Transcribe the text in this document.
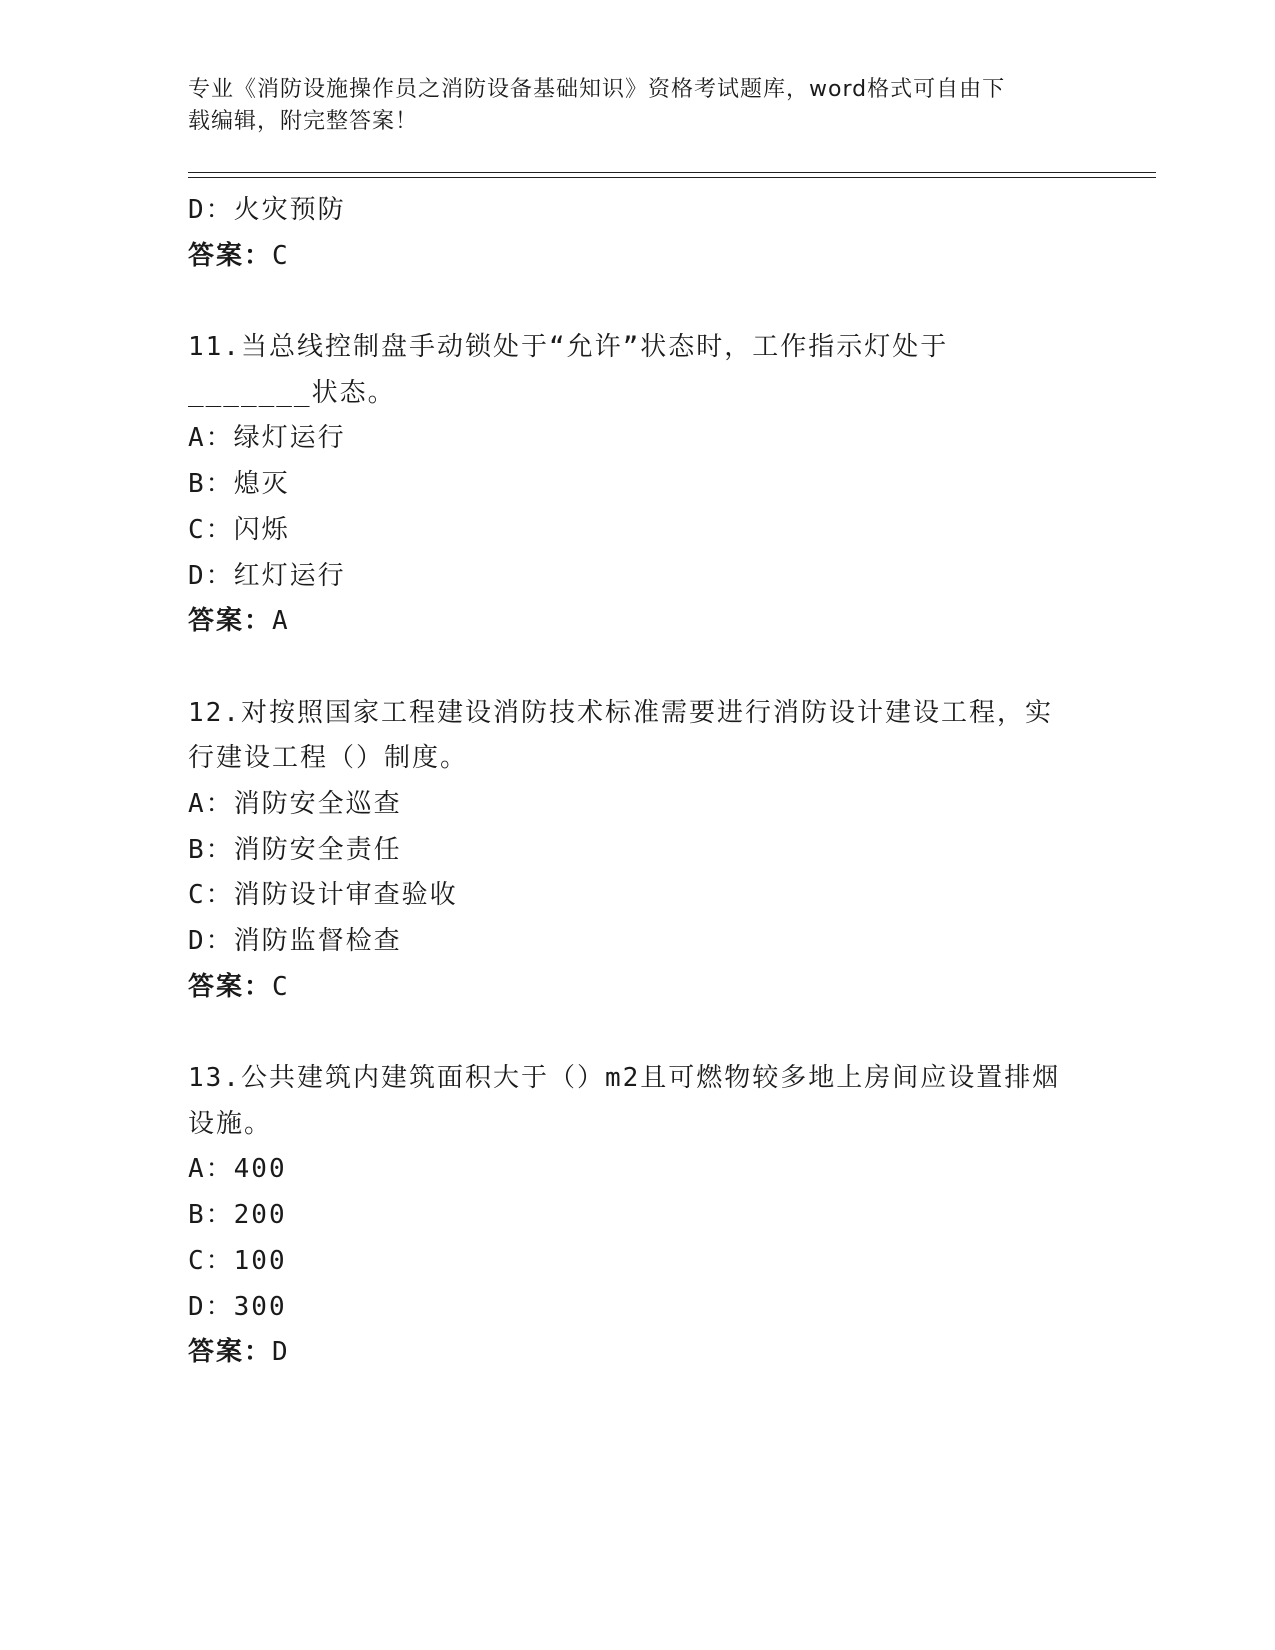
专业《消防设施操作员之消防设备基础知识》资格考试题库，word格式可自由下
载编辑，附完整答案！
D：火灾预防
答案：C
11.当总线控制盘手动锁处于“允许”状态时，工作指示灯处于
_______状态。
A：绿灯运行
B：熄灭
C：闪烁
D：红灯运行
答案：A
12.对按照国家工程建设消防技术标准需要进行消防设计建设工程，实
行建设工程（）制度。
A：消防安全巡查
B：消防安全责任
C：消防设计审查验收
D：消防监督检查
答案：C
13.公共建筑内建筑面积大于（）m2且可燃物较多地上房间应设置排烟
设施。
A：400
B：200
C：100
D：300
答案：D
